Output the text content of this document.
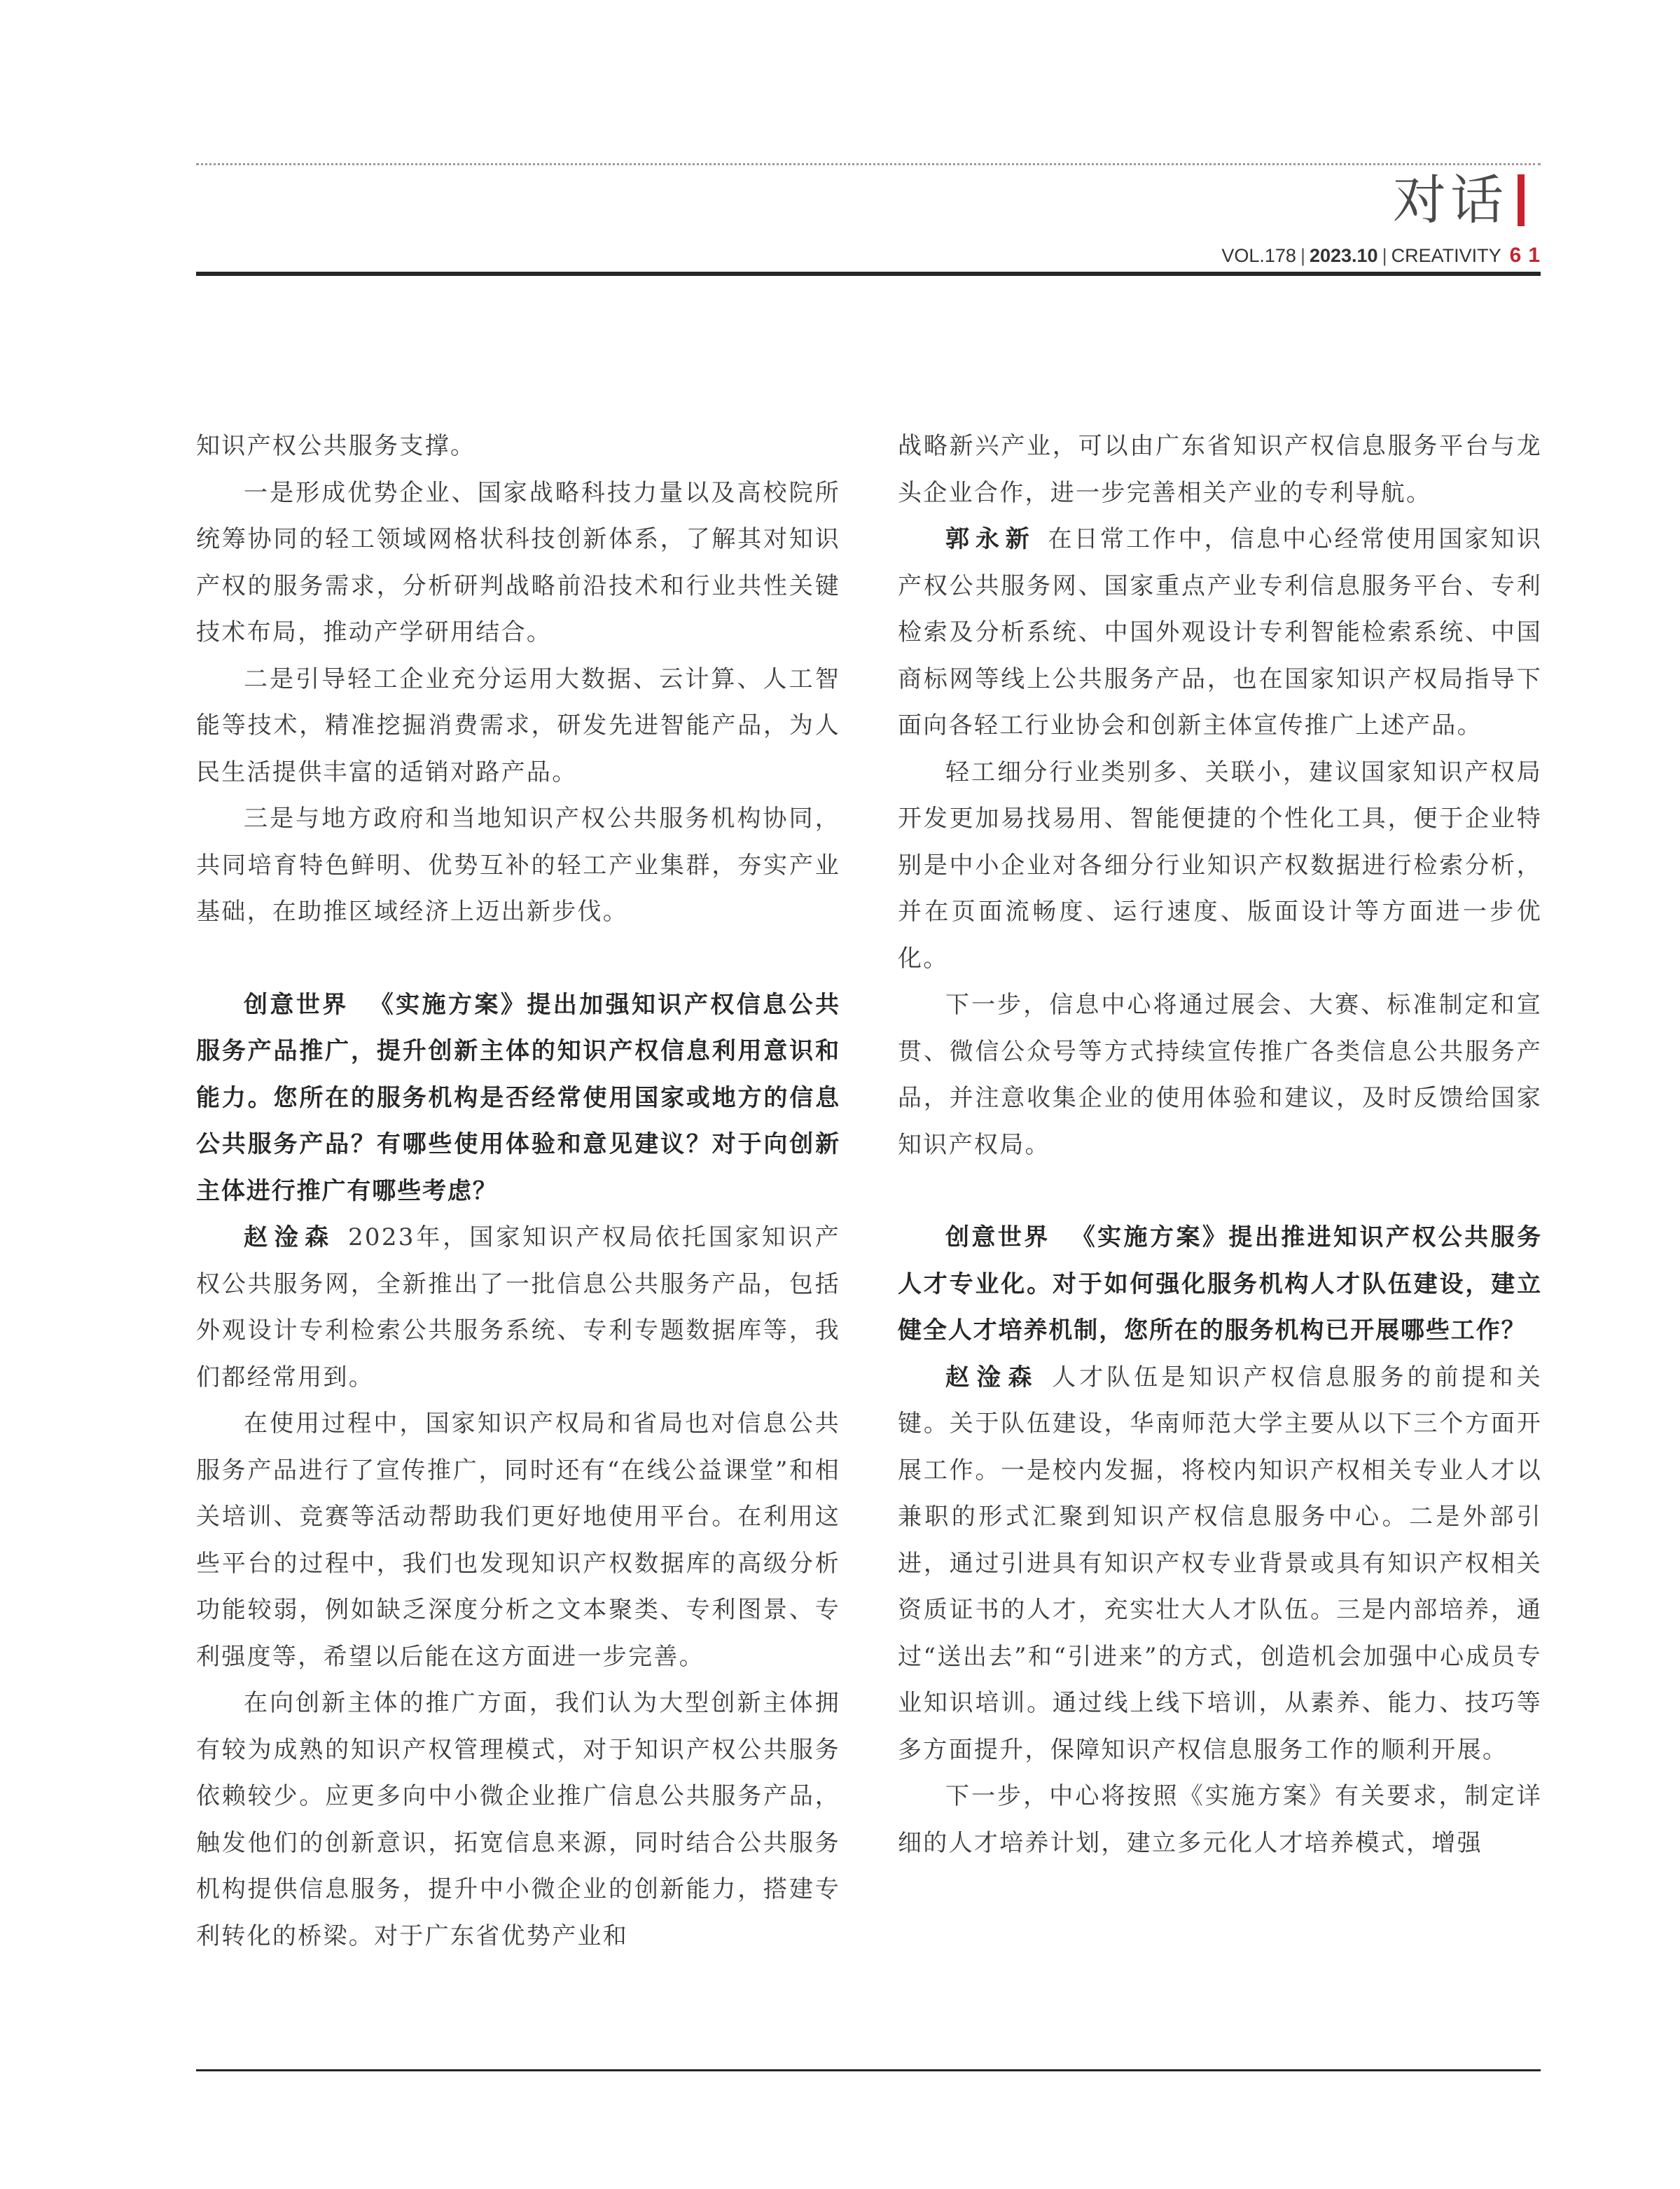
对话
VOL.178 | 2023.10 | CREATIVITY 6 1

知识产权公共服务支撑。

一是形成优势企业、国家战略科技力量以及高校院所统筹协同的轻工领域网格状科技创新体系，了解其对知识产权的服务需求，分析研判战略前沿技术和行业共性关键技术布局，推动产学研用结合。

二是引导轻工企业充分运用大数据、云计算、人工智能等技术，精准挖掘消费需求，研发先进智能产品，为人民生活提供丰富的适销对路产品。

三是与地方政府和当地知识产权公共服务机构协同，共同培育特色鲜明、优势互补的轻工产业集群，夯实产业基础，在助推区域经济上迈出新步伐。

创意世界 《实施方案》提出加强知识产权信息公共服务产品推广，提升创新主体的知识产权信息利用意识和能力。您所在的服务机构是否经常使用国家或地方的信息公共服务产品？有哪些使用体验和意见建议？对于向创新主体进行推广有哪些考虑？

赵淦森 2023年，国家知识产权局依托国家知识产权公共服务网，全新推出了一批信息公共服务产品，包括外观设计专利检索公共服务系统、专利专题数据库等，我们都经常用到。

在使用过程中，国家知识产权局和省局也对信息公共服务产品进行了宣传推广，同时还有“在线公益课堂”和相关培训、竞赛等活动帮助我们更好地使用平台。在利用这些平台的过程中，我们也发现知识产权数据库的高级分析功能较弱，例如缺乏深度分析之文本聚类、专利图景、专利强度等，希望以后能在这方面进一步完善。

在向创新主体的推广方面，我们认为大型创新主体拥有较为成熟的知识产权管理模式，对于知识产权公共服务依赖较少。应更多向中小微企业推广信息公共服务产品，触发他们的创新意识，拓宽信息来源，同时结合公共服务机构提供信息服务，提升中小微企业的创新能力，搭建专利转化的桥梁。对于广东省优势产业和

战略新兴产业，可以由广东省知识产权信息服务平台与龙头企业合作，进一步完善相关产业的专利导航。

郭永新 在日常工作中，信息中心经常使用国家知识产权公共服务网、国家重点产业专利信息服务平台、专利检索及分析系统、中国外观设计专利智能检索系统、中国商标网等线上公共服务产品，也在国家知识产权局指导下面向各轻工行业协会和创新主体宣传推广上述产品。

轻工细分行业类别多、关联小，建议国家知识产权局开发更加易找易用、智能便捷的个性化工具，便于企业特别是中小企业对各细分行业知识产权数据进行检索分析，并在页面流畅度、运行速度、版面设计等方面进一步优化。

下一步，信息中心将通过展会、大赛、标准制定和宣贯、微信公众号等方式持续宣传推广各类信息公共服务产品，并注意收集企业的使用体验和建议，及时反馈给国家知识产权局。

创意世界 《实施方案》提出推进知识产权公共服务人才专业化。对于如何强化服务机构人才队伍建设，建立健全人才培养机制，您所在的服务机构已开展哪些工作？

赵淦森 人才队伍是知识产权信息服务的前提和关键。关于队伍建设，华南师范大学主要从以下三个方面开展工作。一是校内发掘，将校内知识产权相关专业人才以兼职的形式汇聚到知识产权信息服务中心。二是外部引进，通过引进具有知识产权专业背景或具有知识产权相关资质证书的人才，充实壮大人才队伍。三是内部培养，通过“送出去”和“引进来”的方式，创造机会加强中心成员专业知识培训。通过线上线下培训，从素养、能力、技巧等多方面提升，保障知识产权信息服务工作的顺利开展。

下一步，中心将按照《实施方案》有关要求，制定详细的人才培养计划，建立多元化人才培养模式，增强
